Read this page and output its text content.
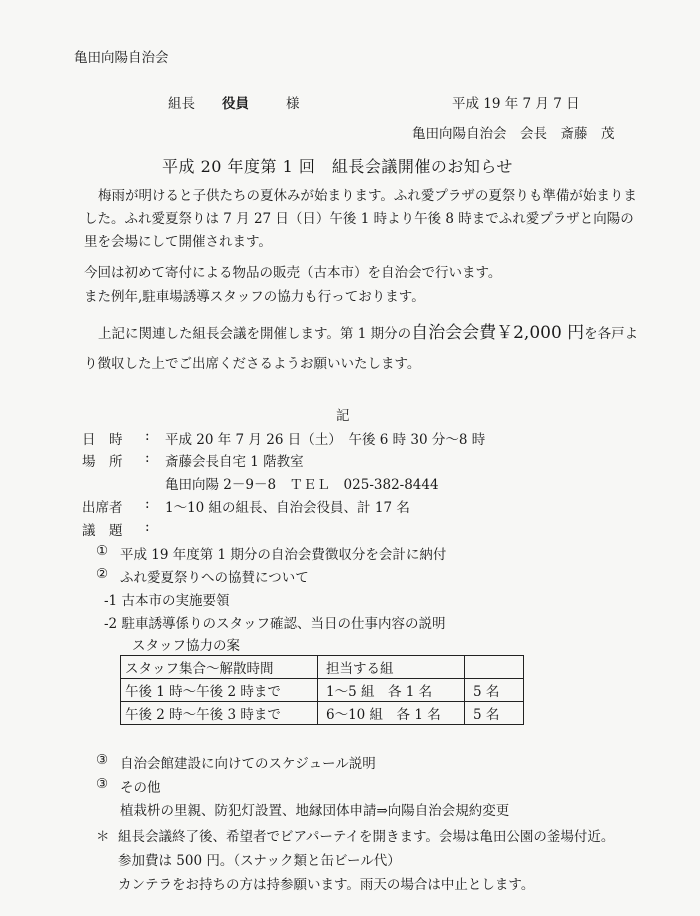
亀田向陽自治会
組長 役員	様	平成 19 年 7 月 7 日
亀田向陽自治会　会長　斎藤　茂
平成 20 年度第 1 回　組長会議開催のお知らせ
梅雨が明けると子供たちの夏休みが始まります。ふれ愛プラザの夏祭りも準備が始まりました。ふれ愛夏祭りは 7 月 27 日（日）午後 1 時より午後 8 時までふれ愛プラザと向陽の里を会場にして開催されます。
今回は初めて寄付による物品の販売（古本市）を自治会で行います。
また例年,駐車場誘導スタッフの協力も行っております。
上記に関連した組長会議を開催します。第 1 期分の自治会会費￥2,000 円を各戸より徴収した上でご出席くださるようお願いいたします。
記
日　時 : 平成 20 年 7 月 26 日（土）　午後 6 時 30 分～8 時
場　所 : 斎藤会長自宅 1 階教室
亀田向陽 2－9－8　ＴＥＬ　025-382-8444
出席者 : 1～10 組の組長、自治会役員、計 17 名
議　題 :
① 平成 19 年度第 1 期分の自治会費徴収分を会計に納付
② ふれ愛夏祭りへの協賛について
-1 古本市の実施要領
-2 駐車誘導係りのスタッフ確認、当日の仕事内容の説明
スタッフ協力の案
スタッフ集合～解散時間	担当する組	
午後 1 時～午後 2 時まで	1～5 組　各 1 名	5 名
午後 2 時～午後 3 時まで	6～10 組　各 1 名	5 名
③ 自治会館建設に向けてのスケジュール説明
③ その他
植栽枡の里親、防犯灯設置、地縁団体申請⇒向陽自治会規約変更
＊ 組長会議終了後、希望者でビアパーテイを開きます。会場は亀田公園の釜場付近。
参加費は 500 円。（スナック類と缶ビール代）
カンテラをお持ちの方は持参願います。雨天の場合は中止とします。
